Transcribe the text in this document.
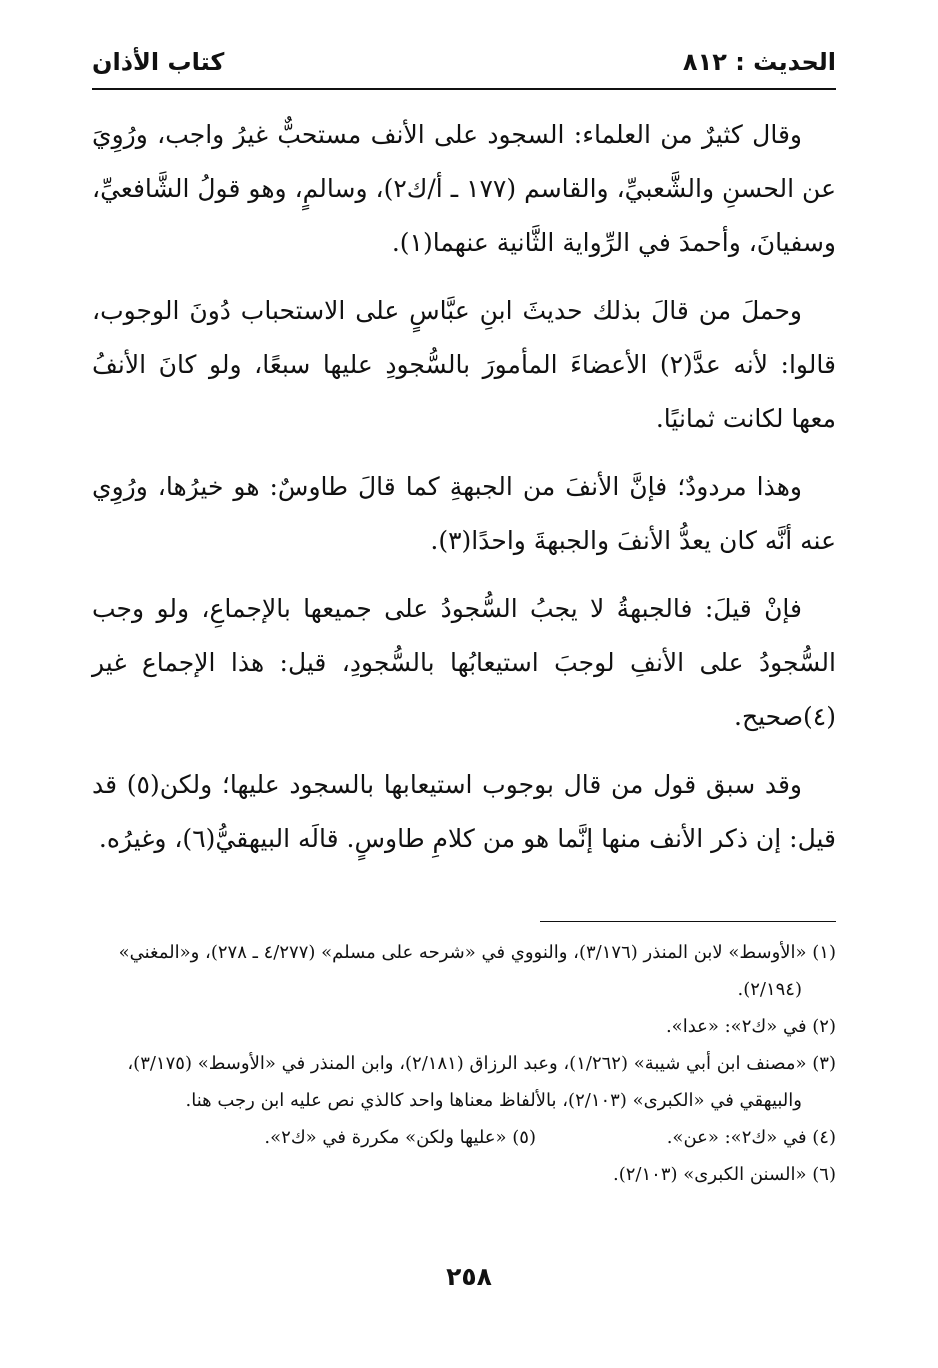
الحديث : ٨١٢
كتاب الأذان

وقال كثيرٌ من العلماء: السجود على الأنف مستحبٌّ غيرُ واجب، ورُوِيَ عن الحسنِ والشَّعبيِّ، والقاسم (١٧٧ ـ أ/ك٢)، وسالمٍ، وهو قولُ الشَّافعيِّ، وسفيانَ، وأحمدَ في الرِّواية الثَّانية عنهما(١).

وحملَ من قالَ بذلك حديثَ ابنِ عبَّاسٍ على الاستحباب دُونَ الوجوب، قالوا: لأنه عدَّ(٢) الأعضاءَ المأمورَ بالسُّجودِ عليها سبعًا، ولو كانَ الأنفُ معها لكانت ثمانيًا.

وهذا مردودٌ؛ فإنَّ الأنفَ من الجبهةِ كما قالَ طاوسٌ: هو خيرُها، ورُوِي عنه أنَّه كان يعدُّ الأنفَ والجبهةَ واحدًا(٣).

فإنْ قيلَ: فالجبهةُ لا يجبُ السُّجودُ على جميعها بالإجماعِ، ولو وجب السُّجودُ على الأنفِ لوجبَ استيعابُها بالسُّجودِ، قيل: هذا الإجماع غير (٤)صحيح.

وقد سبق قول من قال بوجوب استيعابها بالسجود عليها؛ ولكن(٥) قد قيل: إن ذكر الأنف منها إنَّما هو من كلامِ طاوسٍ. قالَه البيهقيُّ(٦)، وغيرُه.

(١) «الأوسط» لابن المنذر (٣/١٧٦)، والنووي في «شرحه على مسلم» (٤/٢٧٧ ـ ٢٧٨)، و«المغني» (٢/١٩٤).

(٢) في «ك٢»: «عدا».

(٣) «مصنف ابن أبي شيبة» (١/٢٦٢)، وعبد الرزاق (٢/١٨١)، وابن المنذر في «الأوسط» (٣/١٧٥)، والبيهقي في «الكبرى» (٢/١٠٣)، بالألفاظ معناها واحد كالذي نص عليه ابن رجب هنا.

(٤) في «ك٢»: «عن».
(٥) «عليها ولكن» مكررة في «ك٢».

(٦) «السنن الكبرى» (٢/١٠٣).

٢٥٨
